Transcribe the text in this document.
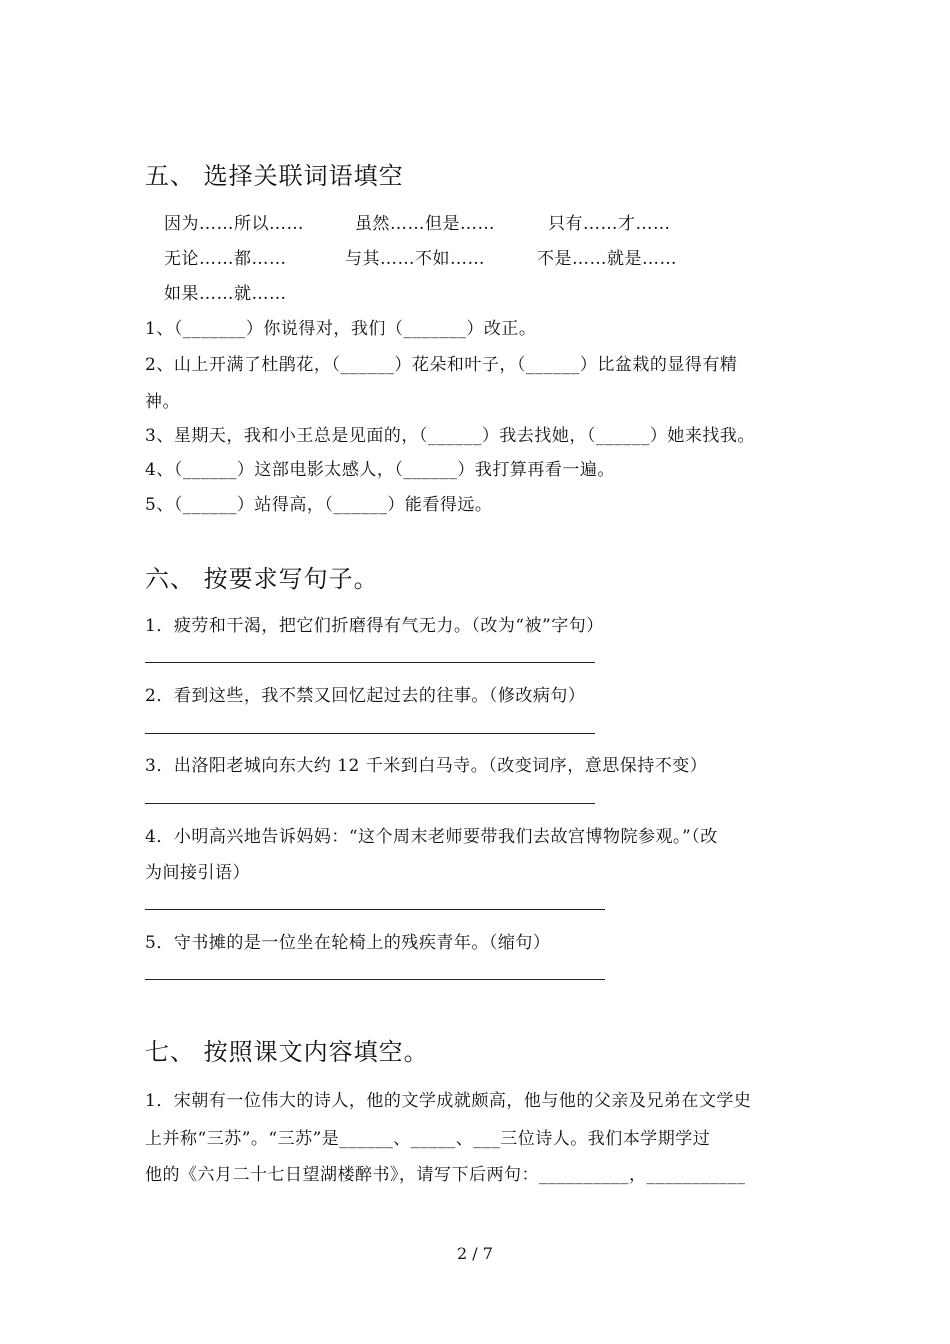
五、 选择关联词语填空
因为……所以……	虽然……但是……	只有……才……
无论……都……	与其……不如……	不是……就是……
如果……就……
1、（_______）你说得对，我们（_______）改正。
2、山上开满了杜鹃花，（______）花朵和叶子，（______）比盆栽的显得有精
神。
3、星期天，我和小王总是见面的，（______）我去找她，（______）她来找我。
4、（______）这部电影太感人，（______）我打算再看一遍。
5、（______）站得高，（______）能看得远。
六、 按要求写句子。
1．疲劳和干渴，把它们折磨得有气无力。（改为“被”字句）
2．看到这些，我不禁又回忆起过去的往事。（修改病句）
3．出洛阳老城向东大约 12 千米到白马寺。（改变词序，意思保持不变）
4．小明高兴地告诉妈妈：“这个周末老师要带我们去故宫博物院参观。”（改
为间接引语）
5．守书摊的是一位坐在轮椅上的残疾青年。（缩句）
七、 按照课文内容填空。
1．宋朝有一位伟大的诗人，他的文学成就颇高，他与他的父亲及兄弟在文学史
上并称“三苏”。“三苏”是______、_____、___三位诗人。我们本学期学过
他的《六月二十七日望湖楼醉书》，请写下后两句：__________，___________
2 / 7
